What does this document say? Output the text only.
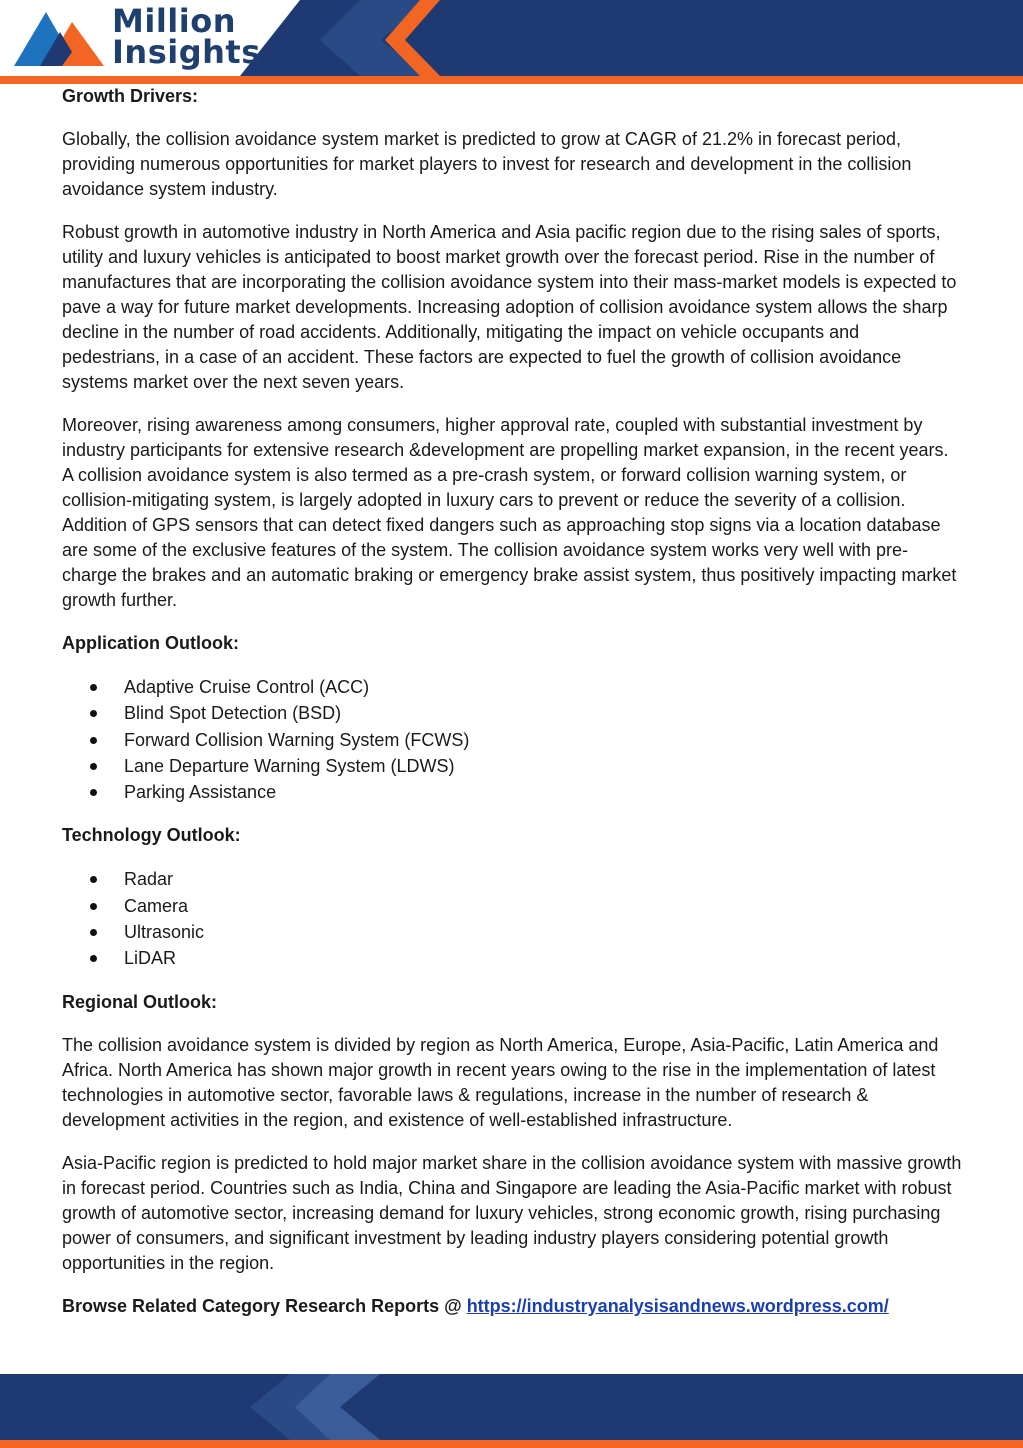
Million
Insights
Growth Drivers:

Globally, the collision avoidance system market is predicted to grow at CAGR of 21.2% in forecast period, providing numerous opportunities for market players to invest for research and development in the collision avoidance system industry.

Robust growth in automotive industry in North America and Asia pacific region due to the rising sales of sports, utility and luxury vehicles is anticipated to boost market growth over the forecast period. Rise in the number of manufactures that are incorporating the collision avoidance system into their mass-market models is expected to pave a way for future market developments. Increasing adoption of collision avoidance system allows the sharp decline in the number of road accidents. Additionally, mitigating the impact on vehicle occupants and pedestrians, in a case of an accident. These factors are expected to fuel the growth of collision avoidance systems market over the next seven years.

Moreover, rising awareness among consumers, higher approval rate, coupled with substantial investment by industry participants for extensive research &development are propelling market expansion, in the recent years. A collision avoidance system is also termed as a pre-crash system, or forward collision warning system, or collision-mitigating system, is largely adopted in luxury cars to prevent or reduce the severity of a collision. Addition of GPS sensors that can detect fixed dangers such as approaching stop signs via a location database are some of the exclusive features of the system. The collision avoidance system works very well with pre-charge the brakes and an automatic braking or emergency brake assist system, thus positively impacting market growth further.

Application Outlook:
Adaptive Cruise Control (ACC)
Blind Spot Detection (BSD)
Forward Collision Warning System (FCWS)
Lane Departure Warning System (LDWS)
Parking Assistance
Technology Outlook:
Radar
Camera
Ultrasonic
LiDAR
Regional Outlook:

The collision avoidance system is divided by region as North America, Europe, Asia-Pacific, Latin America and Africa. North America has shown major growth in recent years owing to the rise in the implementation of latest technologies in automotive sector, favorable laws & regulations, increase in the number of research & development activities in the region, and existence of well-established infrastructure.

Asia-Pacific region is predicted to hold major market share in the collision avoidance system with massive growth in forecast period. Countries such as India, China and Singapore are leading the Asia-Pacific market with robust growth of automotive sector, increasing demand for luxury vehicles, strong economic growth, rising purchasing power of consumers, and significant investment by leading industry players considering potential growth opportunities in the region.

Browse Related Category Research Reports @ https://industryanalysisandnews.wordpress.com/
